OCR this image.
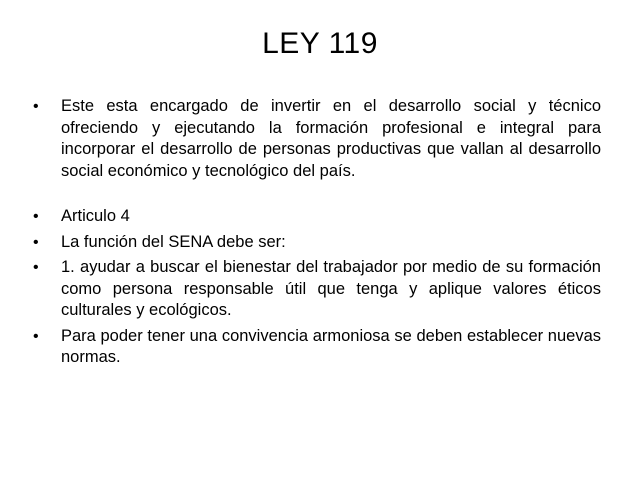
LEY 119
•	Este esta encargado de invertir en el desarrollo social y técnico ofreciendo y ejecutando la formación profesional e integral para incorporar el desarrollo de personas productivas que vallan al desarrollo social económico y tecnológico del país.
•	Articulo 4
•	La función del SENA debe ser:
•	1. ayudar a buscar el bienestar del trabajador por medio de su formación como persona responsable útil que tenga y aplique valores éticos culturales y ecológicos.
•	Para poder tener una convivencia armoniosa se deben establecer nuevas normas.
